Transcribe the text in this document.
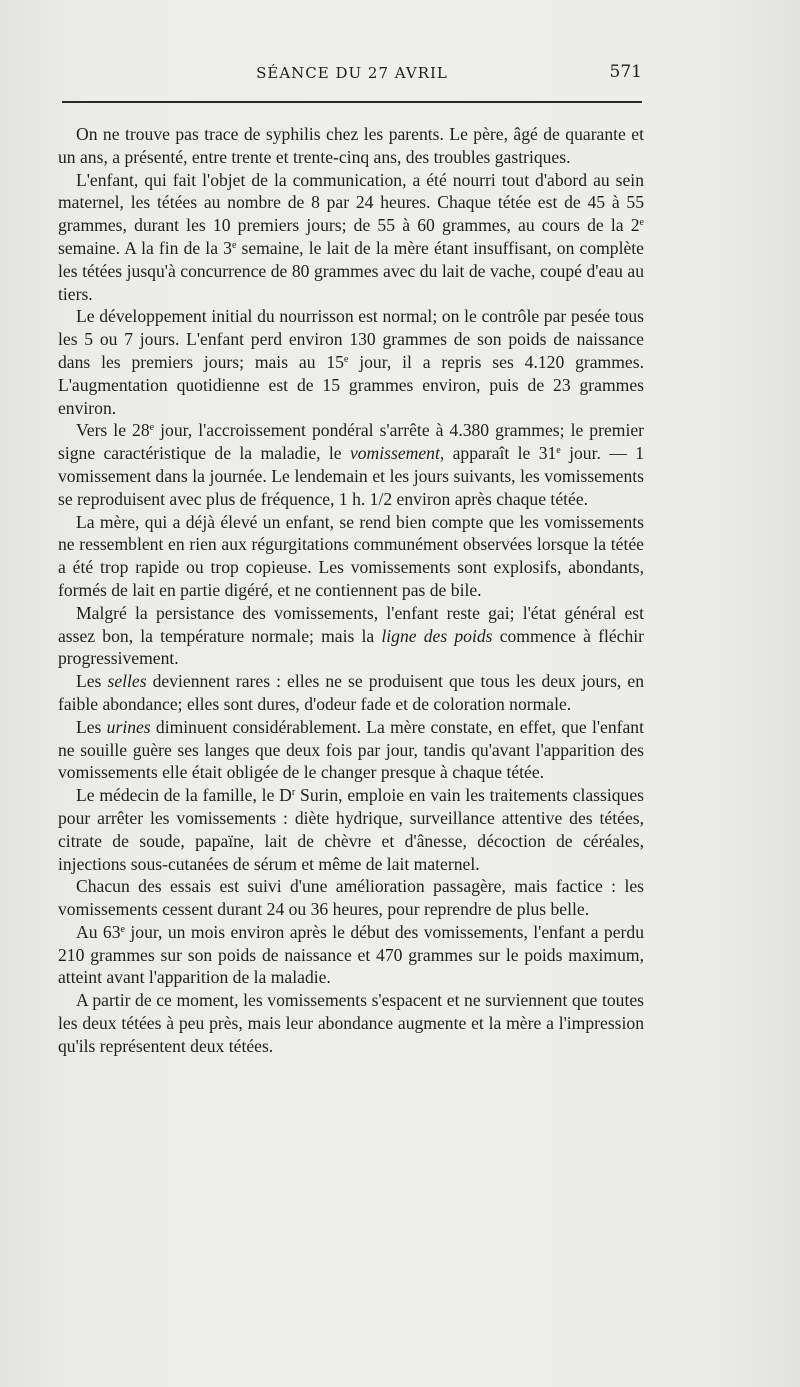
SÉANCE DU 27 AVRIL	571

On ne trouve pas trace de syphilis chez les parents. Le père, âgé de quarante et un ans, a présenté, entre trente et trente-cinq ans, des troubles gastriques.

L'enfant, qui fait l'objet de la communication, a été nourri tout d'abord au sein maternel, les tétées au nombre de 8 par 24 heures. Chaque tétée est de 45 à 55 grammes, durant les 10 premiers jours; de 55 à 60 grammes, au cours de la 2e semaine. A la fin de la 3e semaine, le lait de la mère étant insuffisant, on complète les tétées jusqu'à concurrence de 80 grammes avec du lait de vache, coupé d'eau au tiers.

Le développement initial du nourrisson est normal; on le contrôle par pesée tous les 5 ou 7 jours. L'enfant perd environ 130 grammes de son poids de naissance dans les premiers jours; mais au 15e jour, il a repris ses 4.120 grammes. L'augmentation quotidienne est de 15 grammes environ, puis de 23 grammes environ.

Vers le 28e jour, l'accroissement pondéral s'arrête à 4.380 grammes; le premier signe caractéristique de la maladie, le vomissement, apparaît le 31e jour. — 1 vomissement dans la journée. Le lendemain et les jours suivants, les vomissements se reproduisent avec plus de fréquence, 1 h. 1/2 environ après chaque tétée.

La mère, qui a déjà élevé un enfant, se rend bien compte que les vomissements ne ressemblent en rien aux régurgitations communément observées lorsque la tétée a été trop rapide ou trop copieuse. Les vomissements sont explosifs, abondants, formés de lait en partie digéré, et ne contiennent pas de bile.

Malgré la persistance des vomissements, l'enfant reste gai; l'état général est assez bon, la température normale; mais la ligne des poids commence à fléchir progressivement.

Les selles deviennent rares : elles ne se produisent que tous les deux jours, en faible abondance; elles sont dures, d'odeur fade et de coloration normale.

Les urines diminuent considérablement. La mère constate, en effet, que l'enfant ne souille guère ses langes que deux fois par jour, tandis qu'avant l'apparition des vomissements elle était obligée de le changer presque à chaque tétée.

Le médecin de la famille, le $D^r$ Surin, emploie en vain les traitements classiques pour arrêter les vomissements : diète hydrique, surveillance attentive des tétées, citrate de soude, papaïne, lait de chèvre et d'ânesse, décoction de céréales, injections sous-cutanées de sérum et même de lait maternel.

Chacun des essais est suivi d'une amélioration passagère, mais factice : les vomissements cessent durant 24 ou 36 heures, pour reprendre de plus belle.

Au 63e jour, un mois environ après le début des vomissements, l'enfant a perdu 210 grammes sur son poids de naissance et 470 grammes sur le poids maximum, atteint avant l'apparition de la maladie.

A partir de ce moment, les vomissements s'espacent et ne surviennent que toutes les deux tétées à peu près, mais leur abondance augmente et la mère a l'impression qu'ils représentent deux tétées.
